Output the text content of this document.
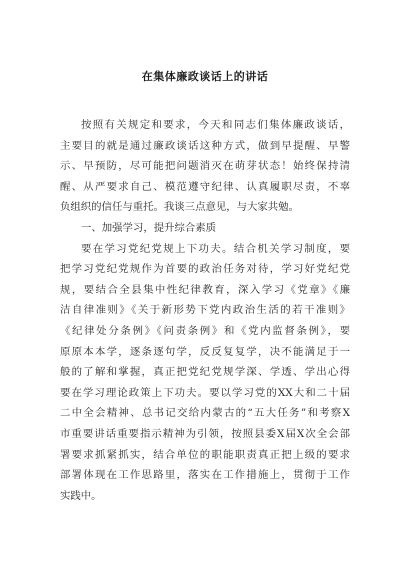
在集体廉政谈话上的讲话
按照有关规定和要求，今天和同志们集体廉政谈话，
主要目的就是通过廉政谈话这种方式，做到早提醒、早警
示、早预防，尽可能把问题消灭在萌芽状态！始终保持清
醒、从严要求自己、模范遵守纪律、认真履职尽责，不辜
负组织的信任与重托。我谈三点意见，与大家共勉。
一、加强学习，提升综合素质
要在学习党纪党规上下功夫。结合机关学习制度，要
把学习党纪党规作为首要的政治任务对待，学习好党纪党
规，要结合全县集中性纪律教育，深入学习《党章》《廉
洁自律准则》《关于新形势下党内政治生活的若干准则》
《纪律处分条例》《问责条例》和《党内监督条例》，要
原原本本学，逐条逐句学，反反复复学，决不能满足于一
般的了解和掌握，真正把党纪党规学深、学透、学出心得
要在学习理论政策上下功夫。要以学习党的XX大和二十届
二中全会精神、总书记交给内蒙古的“五大任务”和考察X
市重要讲话重要指示精神为引领，按照县委X届X次全会部
署要求抓紧抓实，结合单位的职能职责真正把上级的要求
部署体现在工作思路里，落实在工作措施上，贯彻于工作
实践中。
